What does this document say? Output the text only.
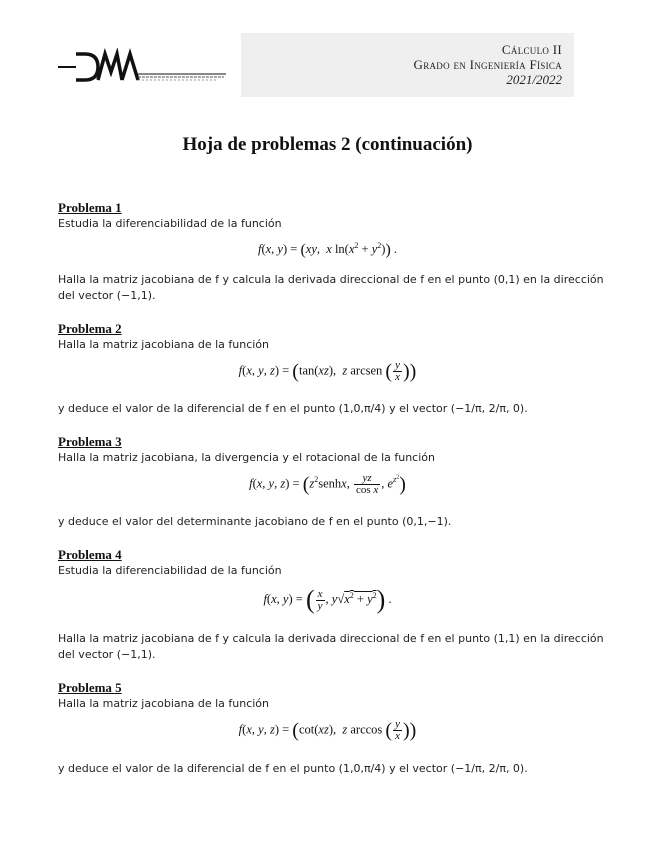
Cálculo II
Grado en Ingeniería Física
2021/2022
Hoja de problemas 2 (continuación)
Problema 1
Estudia la diferenciabilidad de la función
f(x, y) = (xy,  x $\ln(x^2 + y^2)$) .
Halla la matriz jacobiana de f y calcula la derivada direccional de f en el punto (0,1) en la dirección
del vector (−1,1).
Problema 2
Halla la matriz jacobiana de la función
f(x, y, z) = (tan(xz),  z arcsen ( $\frac{y}{x}$ ))
y deduce el valor de la diferencial de f en el punto (1,0,π/4) y el vector (−1/π, 2/π, 0).
Problema 3
Halla la matriz jacobiana, la divergencia y el rotacional de la función
f(x, y, $z) = (z^2senhx$, $\frac{yz}{\text{cos x}}$ , $e^{z^2}$)
y deduce el valor del determinante jacobiano de f en el punto (0,1,−1).
Problema 4
Estudia la diferenciabilidad de la función
f(x, y) = ( $\frac{x}{y}$ , $y√x^2 + y^2$) .
Halla la matriz jacobiana de f y calcula la derivada direccional de f en el punto (1,1) en la dirección
del vector (−1,1).
Problema 5
Halla la matriz jacobiana de la función
f(x, y, z) = (cot(xz),  z arccos ( $\frac{y}{x}$ ))
y deduce el valor de la diferencial de f en el punto (1,0,π/4) y el vector (−1/π, 2/π, 0).
